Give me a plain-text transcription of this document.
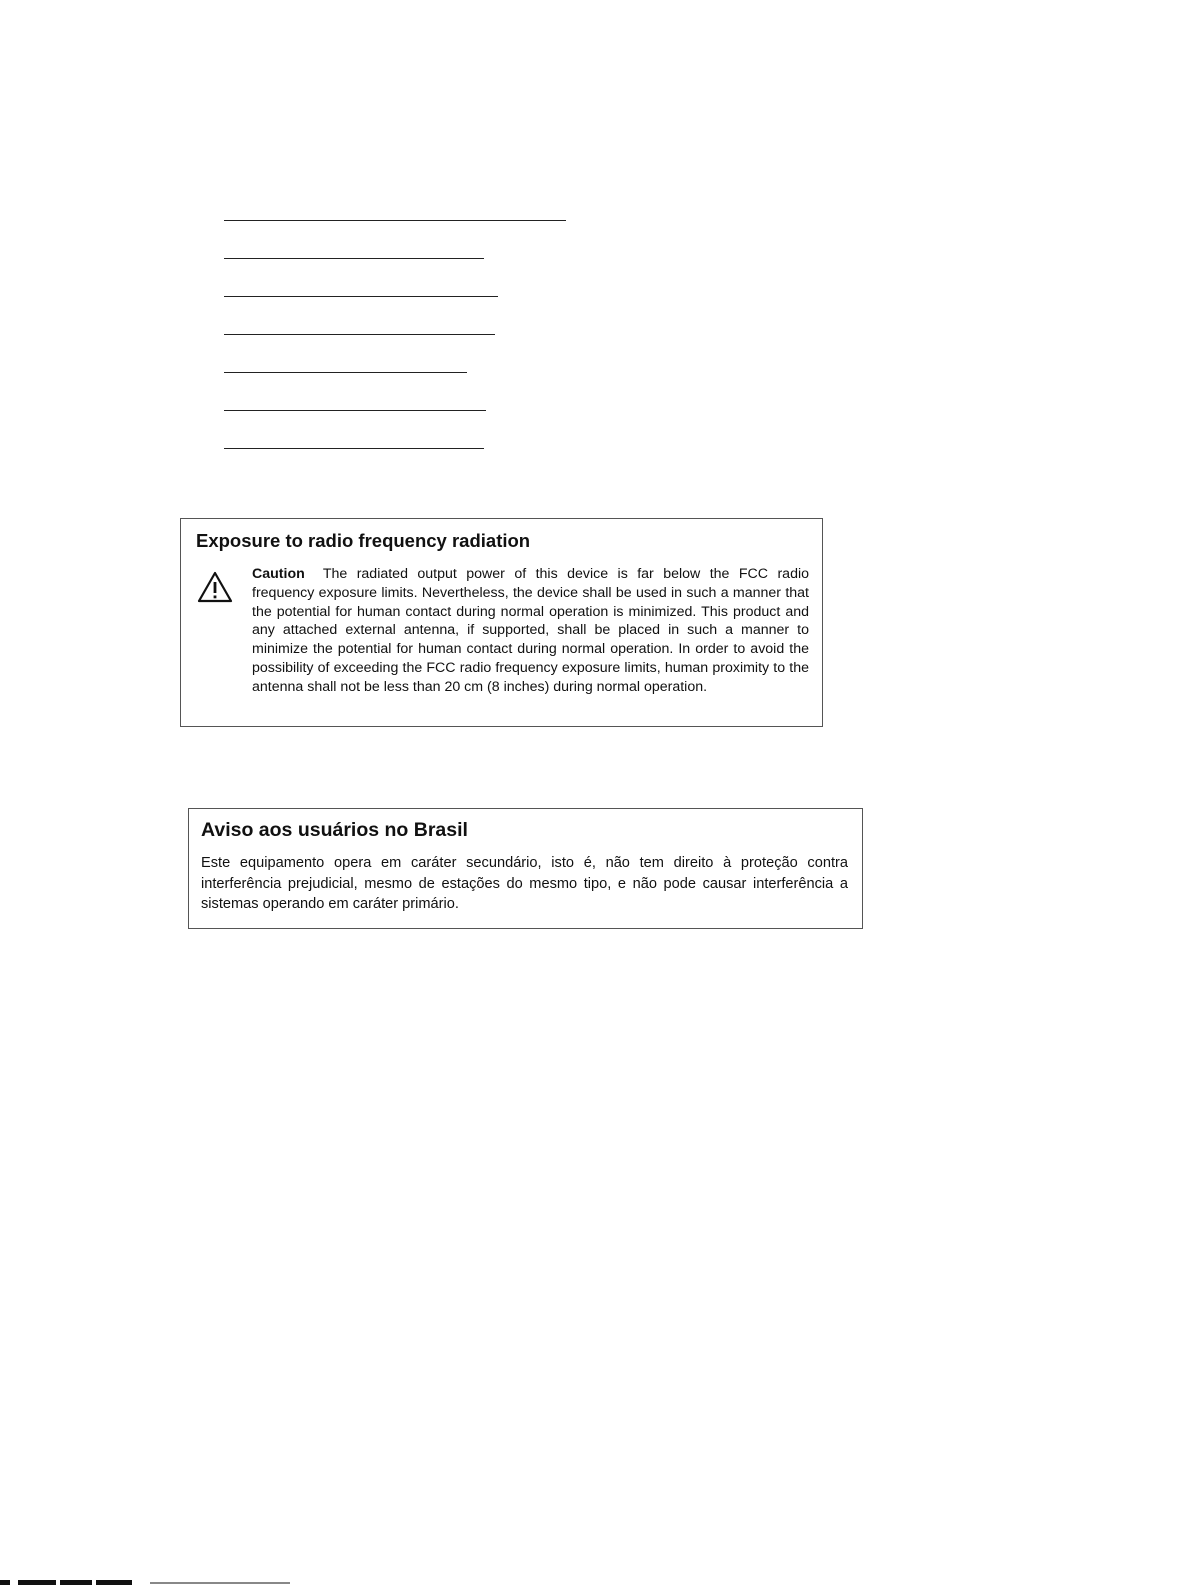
Exposure to radio frequency radiation

Caution The radiated output power of this device is far below the FCC radio frequency exposure limits. Nevertheless, the device shall be used in such a manner that the potential for human contact during normal operation is minimized. This product and any attached external antenna, if supported, shall be placed in such a manner to minimize the potential for human contact during normal operation. In order to avoid the possibility of exceeding the FCC radio frequency exposure limits, human proximity to the antenna shall not be less than 20 cm (8 inches) during normal operation.

Aviso aos usuários no Brasil

Este equipamento opera em caráter secundário, isto é, não tem direito à proteção contra interferência prejudicial, mesmo de estações do mesmo tipo, e não pode causar interferência a sistemas operando em caráter primário.
